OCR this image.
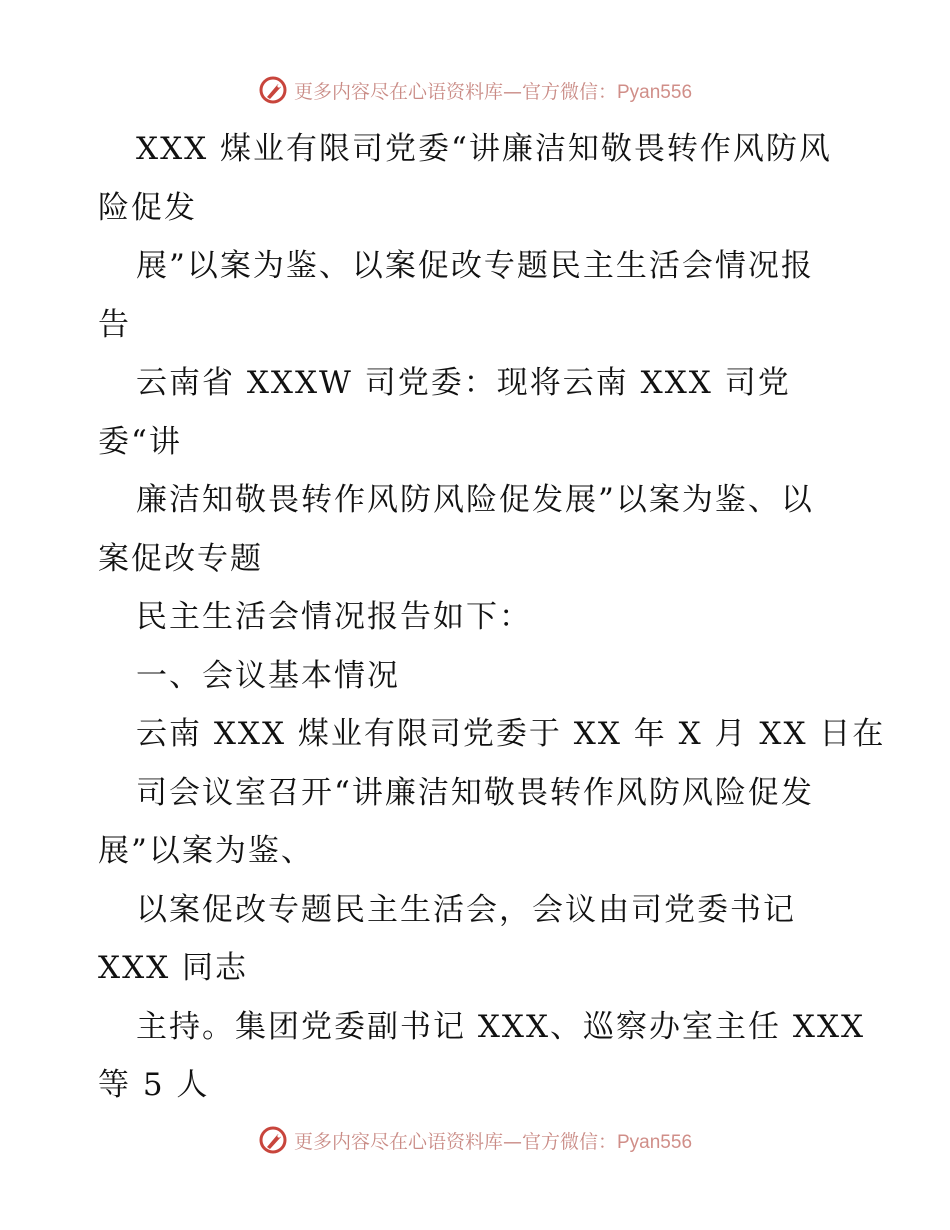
更多内容尽在心语资料库—官方微信：Pyan556
XXX 煤业有限司党委“讲廉洁知敬畏转作风防风
险促发
展”以案为鉴、以案促改专题民主生活会情况报
告
云南省 XXXW 司党委：现将云南 XXX 司党
委“讲
廉洁知敬畏转作风防风险促发展”以案为鉴、以
案促改专题
民主生活会情况报告如下：
一、会议基本情况
云南 XXX 煤业有限司党委于 XX 年 X 月 XX 日在
司会议室召开“讲廉洁知敬畏转作风防风险促发
展”以案为鉴、
以案促改专题民主生活会，会议由司党委书记
XXX 同志
主持。集团党委副书记 XXX、巡察办室主任 XXX
等 5 人
更多内容尽在心语资料库—官方微信：Pyan556
